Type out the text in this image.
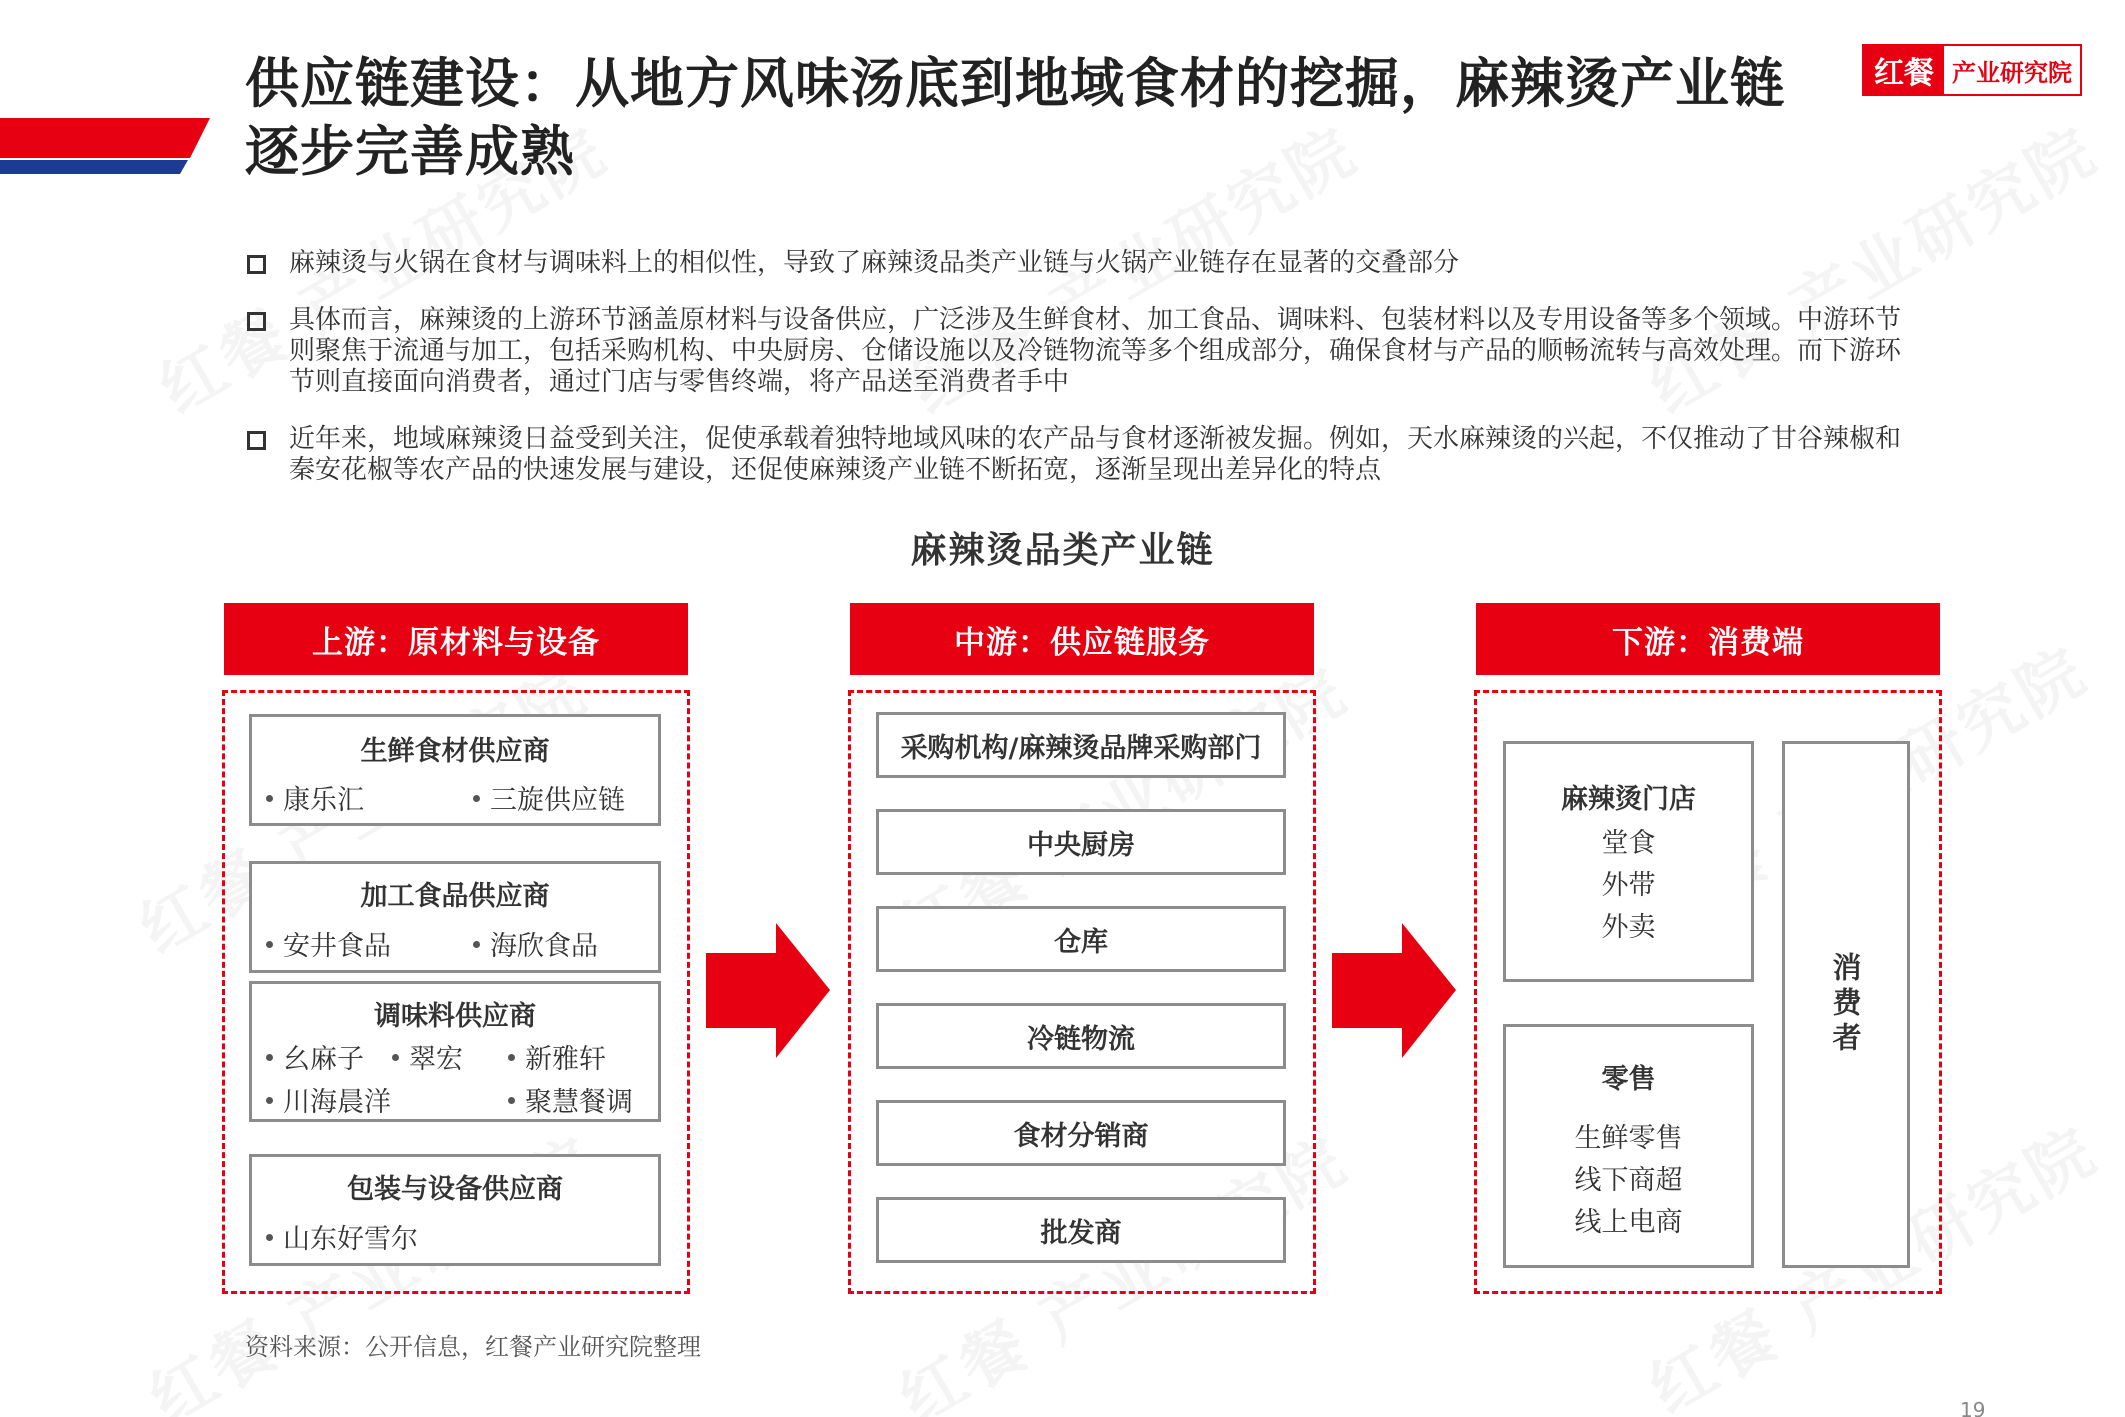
供应链建设：从地方风味汤底到地域食材的挖掘，麻辣烫产业链逐步完善成熟
红餐 产业研究院
麻辣烫与火锅在食材与调味料上的相似性，导致了麻辣烫品类产业链与火锅产业链存在显著的交叠部分
具体而言，麻辣烫的上游环节涵盖原材料与设备供应，广泛涉及生鲜食材、加工食品、调味料、包装材料以及专用设备等多个领域。中游环节则聚焦于流通与加工，包括采购机构、中央厨房、仓储设施以及冷链物流等多个组成部分，确保食材与产品的顺畅流转与高效处理。而下游环节则直接面向消费者，通过门店与零售终端，将产品送至消费者手中
近年来，地域麻辣烫日益受到关注，促使承载着独特地域风味的农产品与食材逐渐被发掘。例如，天水麻辣烫的兴起，不仅推动了甘谷辣椒和秦安花椒等农产品的快速发展与建设，还促使麻辣烫产业链不断拓宽，逐渐呈现出差异化的特点
麻辣烫品类产业链
上游：原材料与设备
生鲜食材供应商
康乐汇	三旋供应链
加工食品供应商
安井食品	海欣食品
调味料供应商
幺麻子	翠宏	新雅轩
川海晨洋	聚慧餐调
包装与设备供应商
山东好雪尔
中游：供应链服务
采购机构/麻辣烫品牌采购部门
中央厨房
仓库
冷链物流
食材分销商
批发商
下游：消费端
麻辣烫门店
堂食
外带
外卖
零售
生鲜零售
线下商超
线上电商
消费者
资料来源：公开信息，红餐产业研究院整理
19
